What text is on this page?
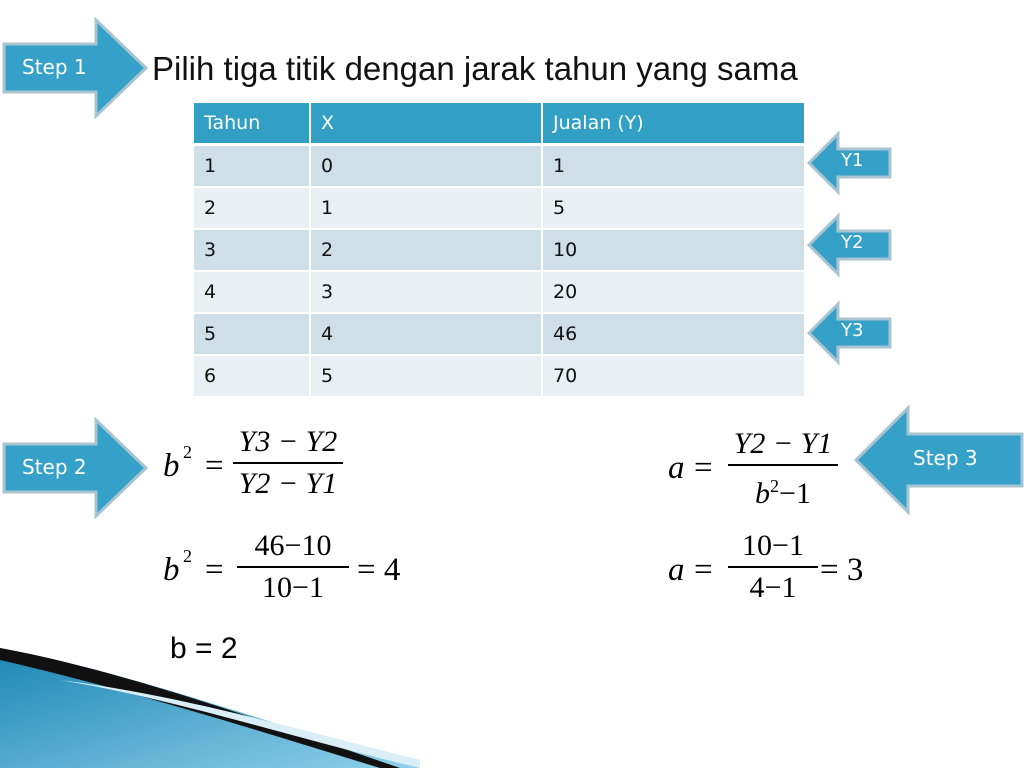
Step 1 Pilih tiga titik dengan jarak tahun yang sama
Tahun	X	Jualan (Y)
1	0	1
2	1	5
3	2	10
4	3	20
5	4	46
6	5	70
Y1
Y2
Y3
Step 2 b 2 =
Y3 − Y2
Y2 − Y1
b 2 =
46−10
10−1	= 4
b = 2
Step 3
a =
Y2 − Y1
$b^2-1$
a =
10−1
4−1 = 3
